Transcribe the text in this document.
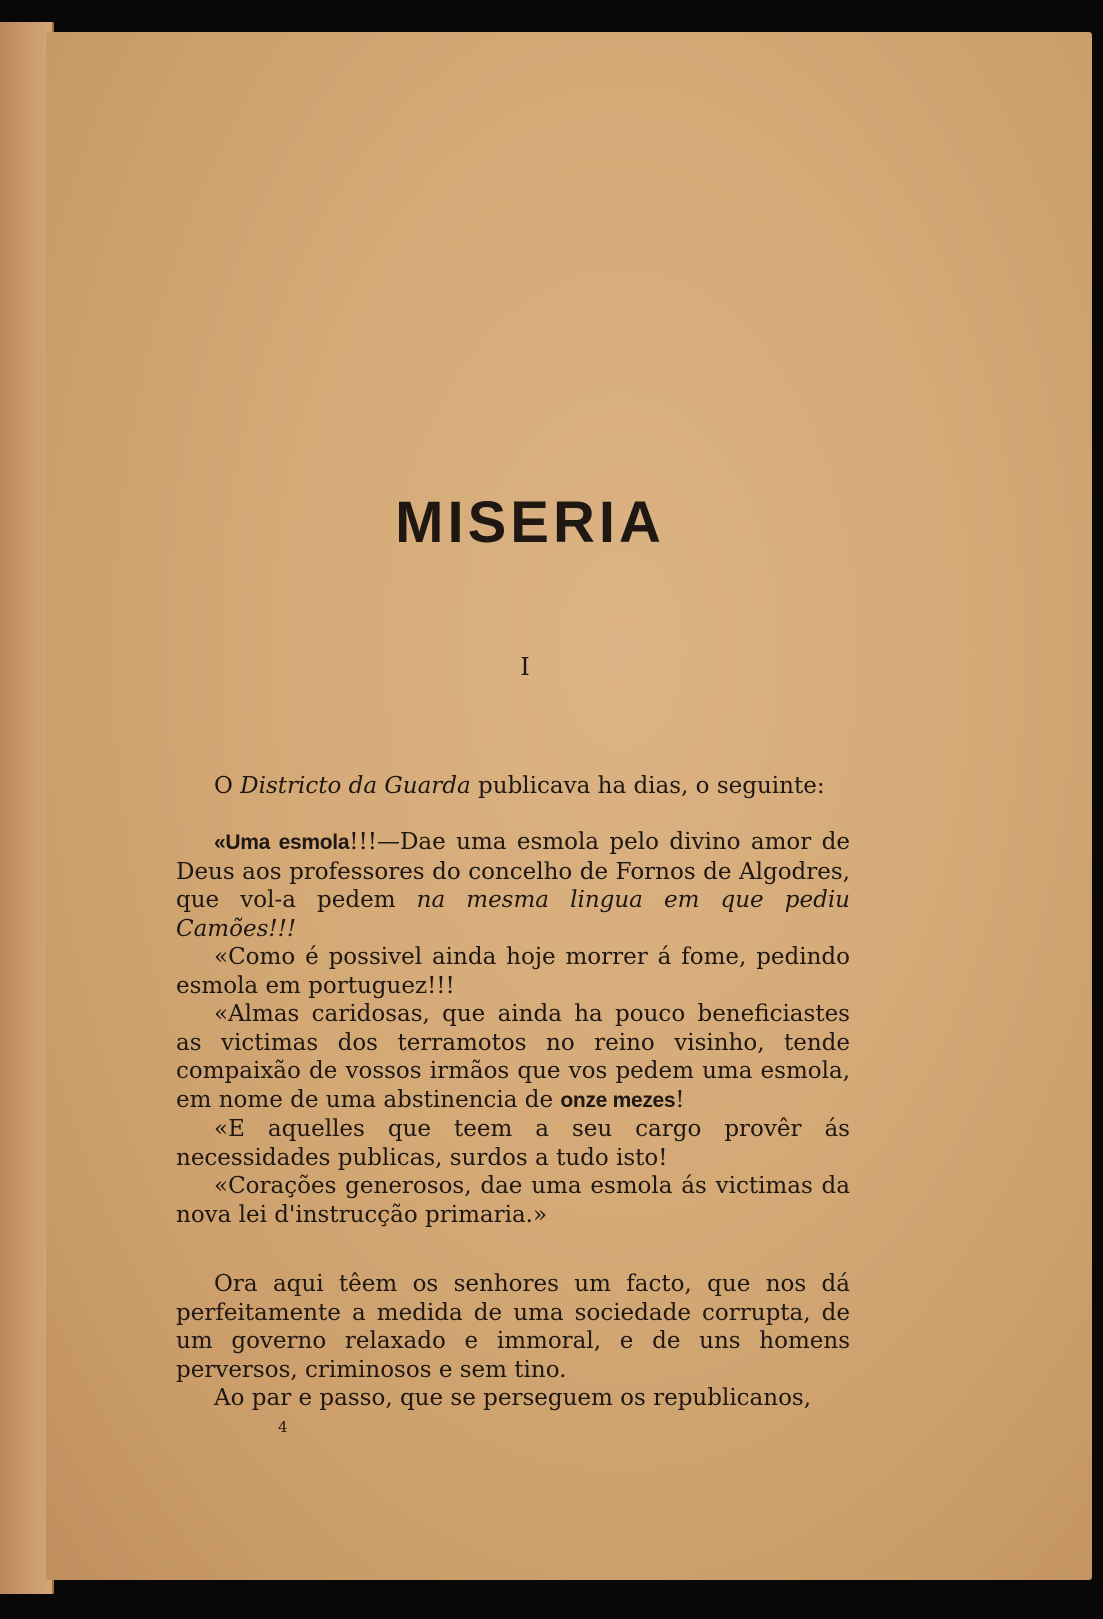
MISERIA
I
O Districto da Guarda publicava ha dias, o seguinte:

«Uma esmola!!!—Dae uma esmola pelo divino amor de Deus aos professores do concelho de Fornos de Algodres, que vol-a pedem na mesma lingua em que pediu Camões!!!

«Como é possivel ainda hoje morrer á fome, pedindo esmola em portuguez!!!

«Almas caridosas, que ainda ha pouco beneficiastes as victimas dos terramotos no reino visinho, tende compaixão de vossos irmãos que vos pedem uma esmola, em nome de uma abstinencia de onze mezes!

«E aquelles que teem a seu cargo provêr ás necessidades publicas, surdos a tudo isto!

«Corações generosos, dae uma esmola ás victimas da nova lei d'instrucção primaria.»

Ora aqui têem os senhores um facto, que nos dá perfeitamente a medida de uma sociedade corrupta, de um governo relaxado e immoral, e de uns homens perversos, criminosos e sem tino.

Ao par e passo, que se perseguem os republicanos,

4
